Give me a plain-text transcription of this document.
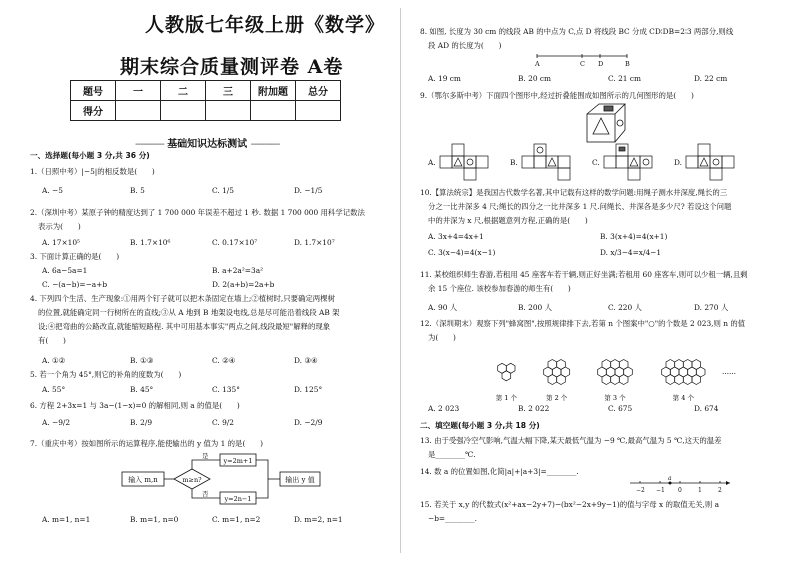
人教版七年级上册《数学》
期末综合质量测评卷 A卷
题号	一	二	三	附加题	总分
得分					
----------- 基础知识达标测试 -----------
一、选择题(每小题 3 分,共 36 分)
1.（日照中考）|−5|的相反数是(　　)
A. −5	B. 5	C. 1/5	D. −1/5
2.（深圳中考）某原子钟的精度达到了 1 700 000 年误差不超过 1 秒. 数据 1 700 000 用科学记数法
表示为(　　)
A. 17×10⁵	B. 1.7×10⁶	C. 0.17×10⁷	D. 1.7×10⁷
3. 下面计算正确的是(　　)
A. 6a−5a=1	B. a+2a²=3a²
C. −(a−b)=−a+b	D. 2(a+b)=2a+b
4. 下列四个生活、生产现象:①用两个钉子就可以把木条固定在墙上;②植树时,只要确定两棵树
的位置,就能确定同一行树所在的直线;③从 A 地到 B 地架设电线,总是尽可能沿着线段 AB 架
设;④把弯曲的公路改直,就能缩短路程. 其中可用基本事实"两点之间,线段最短"解释的现象
有(　　)
A. ①②	B. ①③	C. ②④	D. ③④
5. 若一个角为 45°,则它的补角的度数为(　　)
A. 55°	B. 45°	C. 135°	D. 125°
6. 方程 2+3x=1 与 3a−(1−x)=0 的解相同,则 a 的值是(　　)
A. −9/2	B. 2/9	C. 9/2	D. −2/9
7.（重庆中考）按如图所示的运算程序,能使输出的 y 值为 1 的是(　　)
输入 m,n	m≥n?
是
否
y=2m+1
y=2n−1
输出 y 值
A. m=1, n=1	B. m=1, n=0	C. m=1, n=2	D. m=2, n=1
8. 如图, 长度为 30 cm 的线段 AB 的中点为 C,点 D 将线段 BC 分成 CD∶DB=2∶3 两部分,则线
段 AD 的长度为(　　)
A	C D	B
A. 19 cm	B. 20 cm	C. 21 cm	D. 22 cm
9.（鄂尔多斯中考）下面四个图形中,经过折叠能围成如图所示的几何图形的是(　　)
A.	B.	C.	D.
10.【算法统宗】是我国古代数学名著,其中记载有这样的数学问题:用绳子测水井深度,绳长的三
分之一比井深多 4 尺;绳长的四分之一比井深多 1 尺.问绳长、井深各是多少尺? 若设这个问题
中的井深为 x 尺,根据题意列方程,正确的是(　　)
A. 3x+4=4x+1	B. 3(x+4)=4(x+1)
C. 3(x−4)=4(x−1)	D. x/3−4=x/4−1
11. 某校组织师生春游,若租用 45 座客车若干辆,则正好坐满;若租用 60 座客车,则可以少租一辆,且剩
余 15 个座位. 该校参加春游的师生有(　　)
A. 90 人	B. 200 人	C. 220 人	D. 270 人
12.（深圳期末）观察下列"蜂窝图",按照规律排下去,若第 n 个图案中"○"的个数是 2 023,则 n 的值
为(　　)
第 1 个	第 2 个	第 3 个	第 4 个
……
A. 2 023	B. 2 022	C. 675	D. 674
二、填空题(每小题 3 分,共 18 分)
13. 由于受强冷空气影响,气温大幅下降,某天最低气温为 −9 ℃,最高气温为 5 ℃,这天的温差
是________℃.
14. 数 a 的位置如图,化简|a|+|a+3|=________.
a
−2 −1 0	1	2
15. 若关于 x,y 的代数式(x²+ax−2y+7)−(bx²−2x+9y−1)的值与字母 x 的取值无关,则 a
−b=________.
